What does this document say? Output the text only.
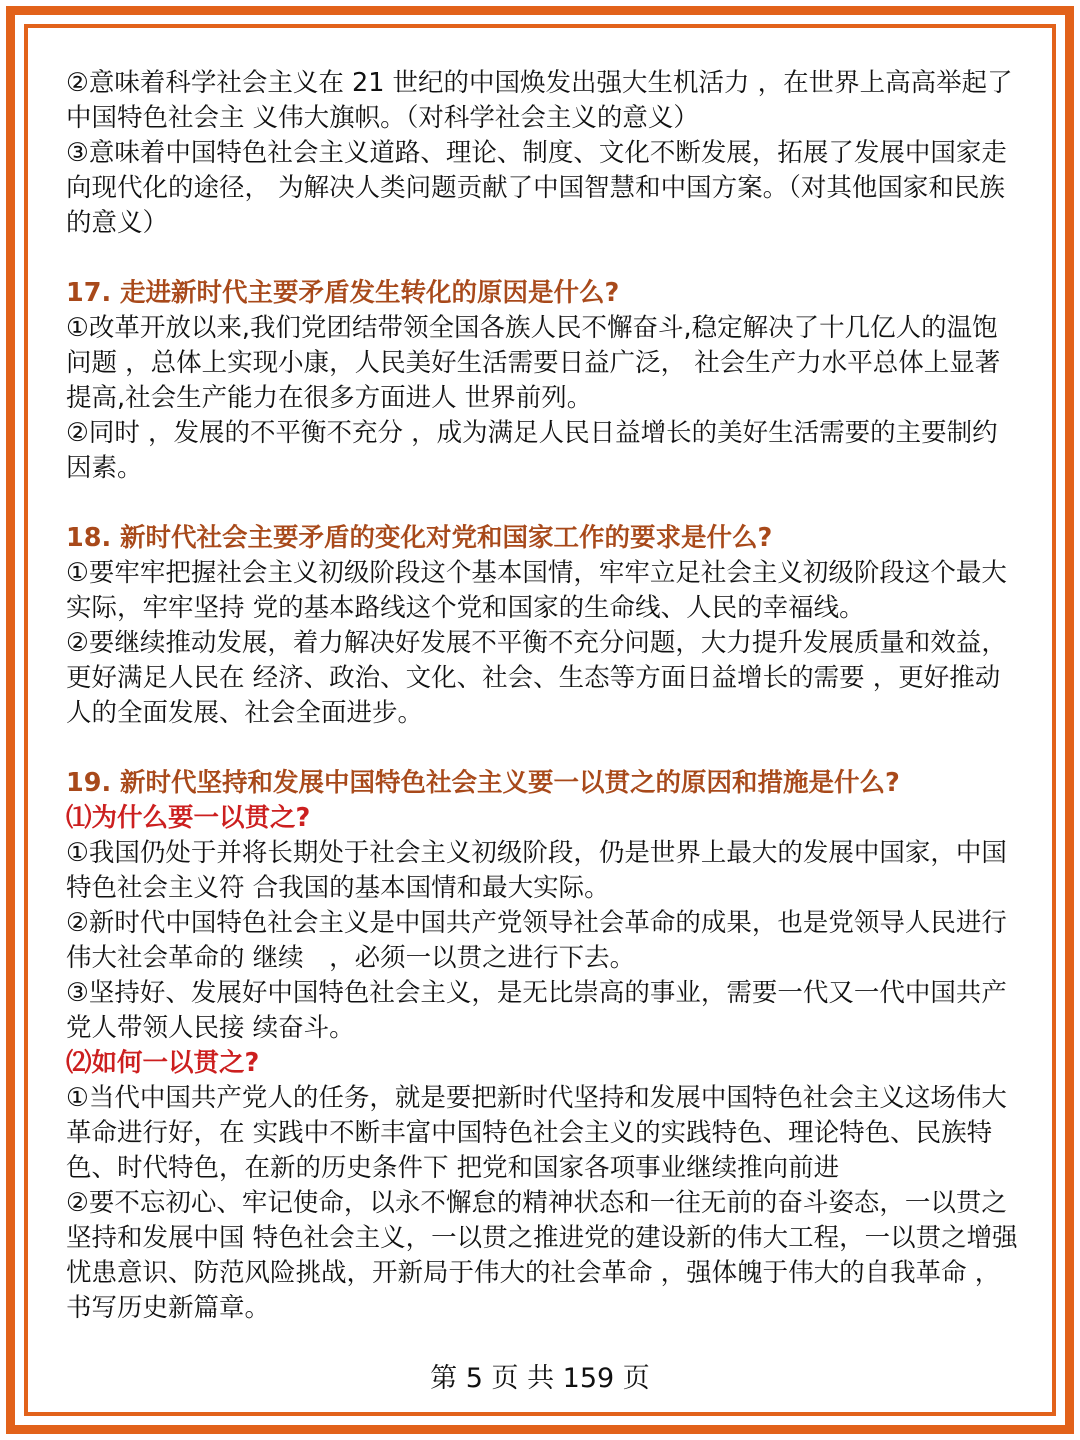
②意味着科学社会主义在 21 世纪的中国焕发出强大生机活力 ，在世界上高高举起了中国特色社会主 义伟大旗帜。（对科学社会主义的意义）

③意味着中国特色社会主义道路、理论、制度、文化不断发展，拓展了发展中国家走向现代化的途径， 为解决人类问题贡献了中国智慧和中国方案。（对其他国家和民族的意义）

17. 走进新时代主要矛盾发生转化的原因是什么?

①改革开放以来,我们党团结带领全国各族人民不懈奋斗,稳定解决了十几亿人的温饱问题 ，总体上实现小康，人民美好生活需要日益广泛， 社会生产力水平总体上显著提高,社会生产能力在很多方面进人 世界前列。

②同时 ，发展的不平衡不充分 ，成为满足人民日益增长的美好生活需要的主要制约因素。

18. 新时代社会主要矛盾的变化对党和国家工作的要求是什么?

①要牢牢把握社会主义初级阶段这个基本国情，牢牢立足社会主义初级阶段这个最大实际，牢牢坚持 党的基本路线这个党和国家的生命线、人民的幸福线。

②要继续推动发展，着力解决好发展不平衡不充分问题，大力提升发展质量和效益，更好满足人民在 经济、政治、文化、社会、生态等方面日益增长的需要 ，更好推动人的全面发展、社会全面进步。

19. 新时代坚持和发展中国特色社会主义要一以贯之的原因和措施是什么?

⑴为什么要一以贯之?

①我国仍处于并将长期处于社会主义初级阶段，仍是世界上最大的发展中国家，中国特色社会主义符 合我国的基本国情和最大实际。

②新时代中国特色社会主义是中国共产党领导社会革命的成果，也是党领导人民进行伟大社会革命的 继续　，必须一以贯之进行下去。

③坚持好、发展好中国特色社会主义，是无比崇高的事业，需要一代又一代中国共产党人带领人民接 续奋斗。

⑵如何一以贯之?

①当代中国共产党人的任务，就是要把新时代坚持和发展中国特色社会主义这场伟大革命进行好，在 实践中不断丰富中国特色社会主义的实践特色、理论特色、民族特色、时代特色，在新的历史条件下 把党和国家各项事业继续推向前进

②要不忘初心、牢记使命，以永不懈怠的精神状态和一往无前的奋斗姿态，一以贯之坚持和发展中国 特色社会主义，一以贯之推进党的建设新的伟大工程，一以贯之增强忧患意识、防范风险挑战，开新局于伟大的社会革命 ，强体魄于伟大的自我革命 ，书写历史新篇章。

第 5 页 共 159 页
